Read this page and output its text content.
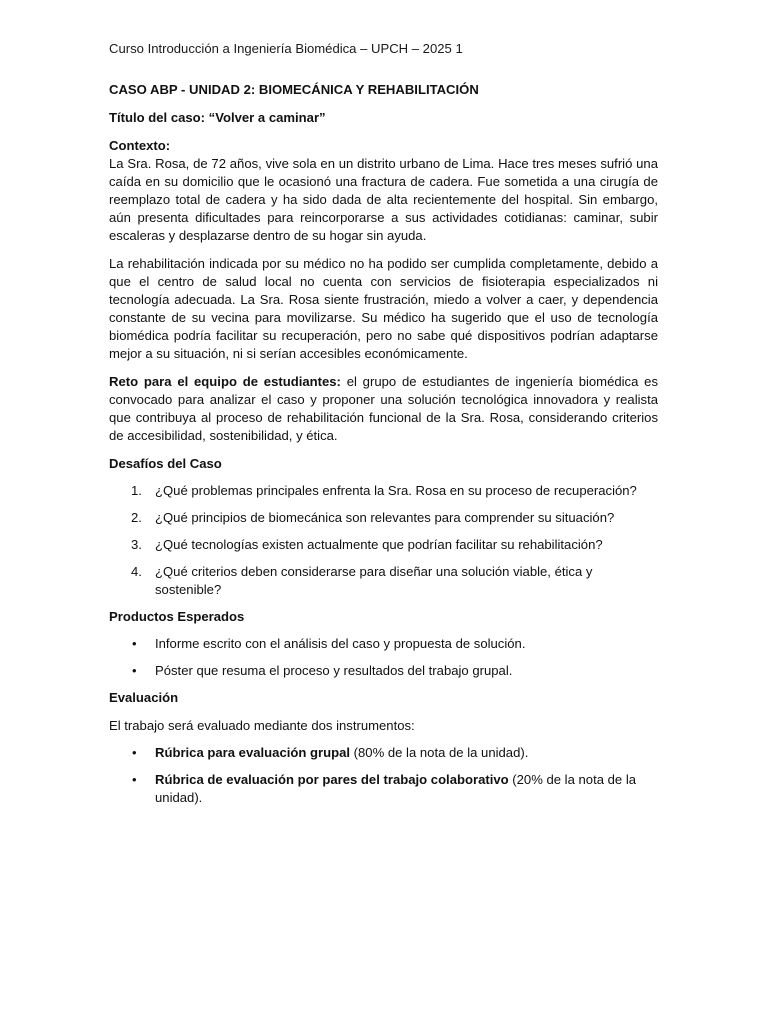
Curso Introducción a Ingeniería Biomédica – UPCH – 2025 1

CASO ABP - UNIDAD 2: BIOMECÁNICA Y REHABILITACIÓN

Título del caso: “Volver a caminar”

Contexto:

La Sra. Rosa, de 72 años, vive sola en un distrito urbano de Lima. Hace tres meses sufrió una caída en su domicilio que le ocasionó una fractura de cadera. Fue sometida a una cirugía de reemplazo total de cadera y ha sido dada de alta recientemente del hospital. Sin embargo, aún presenta dificultades para reincorporarse a sus actividades cotidianas: caminar, subir escaleras y desplazarse dentro de su hogar sin ayuda.

La rehabilitación indicada por su médico no ha podido ser cumplida completamente, debido a que el centro de salud local no cuenta con servicios de fisioterapia especializados ni tecnología adecuada. La Sra. Rosa siente frustración, miedo a volver a caer, y dependencia constante de su vecina para movilizarse. Su médico ha sugerido que el uso de tecnología biomédica podría facilitar su recuperación, pero no sabe qué dispositivos podrían adaptarse mejor a su situación, ni si serían accesibles económicamente.

Reto para el equipo de estudiantes: el grupo de estudiantes de ingeniería biomédica es convocado para analizar el caso y proponer una solución tecnológica innovadora y realista que contribuya al proceso de rehabilitación funcional de la Sra. Rosa, considerando criterios de accesibilidad, sostenibilidad, y ética.

Desafíos del Caso

1. ¿Qué problemas principales enfrenta la Sra. Rosa en su proceso de recuperación?
2. ¿Qué principios de biomecánica son relevantes para comprender su situación?
3. ¿Qué tecnologías existen actualmente que podrían facilitar su rehabilitación?
4. ¿Qué criterios deben considerarse para diseñar una solución viable, ética y sostenible?

Productos Esperados

• Informe escrito con el análisis del caso y propuesta de solución.
• Póster que resuma el proceso y resultados del trabajo grupal.

Evaluación

El trabajo será evaluado mediante dos instrumentos:

• Rúbrica para evaluación grupal (80% de la nota de la unidad).
• Rúbrica de evaluación por pares del trabajo colaborativo (20% de la nota de la unidad).
